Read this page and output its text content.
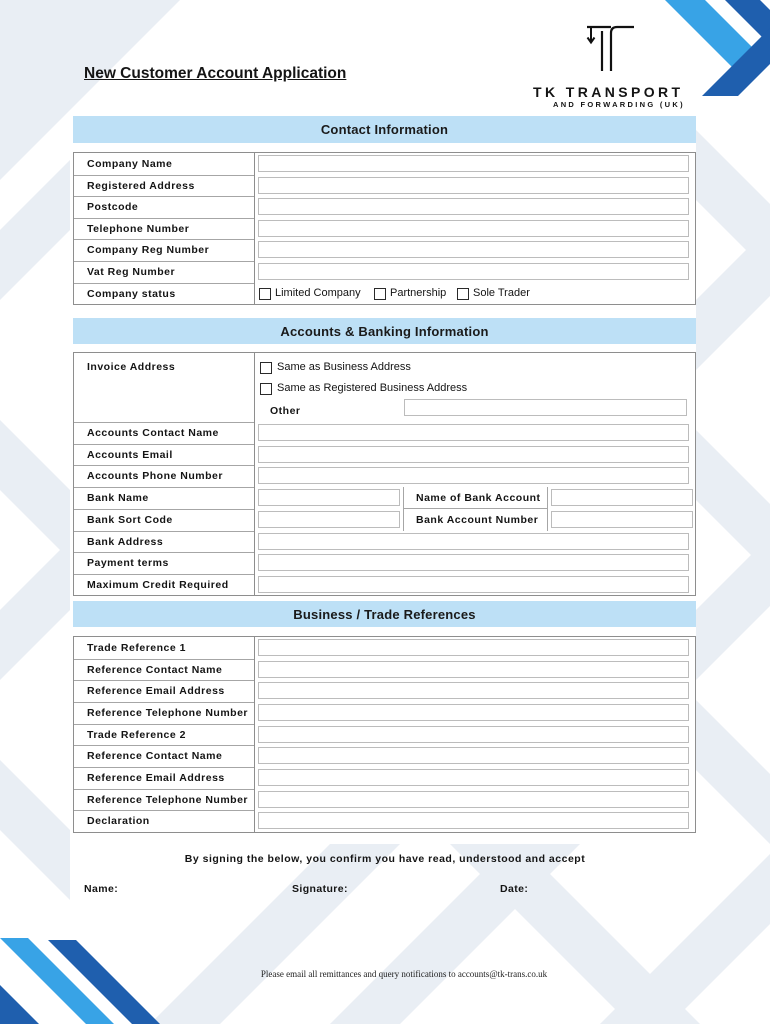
New Customer Account Application
TK TRANSPORT
AND FORWARDING (UK)
Contact Information
Company Name
Registered Address
Postcode
Telephone Number
Company Reg Number
Vat Reg Number
Company status	Limited Company	Partnership Sole Trader
Accounts & Banking Information
Invoice Address	Same as Business Address
Same as Registered Business Address
Other
Accounts Contact Name
Accounts Email
Accounts Phone Number
Bank Name	Name of Bank Account
Bank Sort Code	Bank Account Number
Bank Address
Payment terms
Maximum Credit Required
Business / Trade References
Trade Reference 1
Reference Contact Name
Reference Email Address
Reference Telephone Number
Trade Reference 2
Reference Contact Name
Reference Email Address
Reference Telephone Number
Declaration
By signing the below, you confirm you have read, understood and accept
Name:	Signature:	Date:
Please email all remittances and query notifications to accounts@tk-trans.co.uk
